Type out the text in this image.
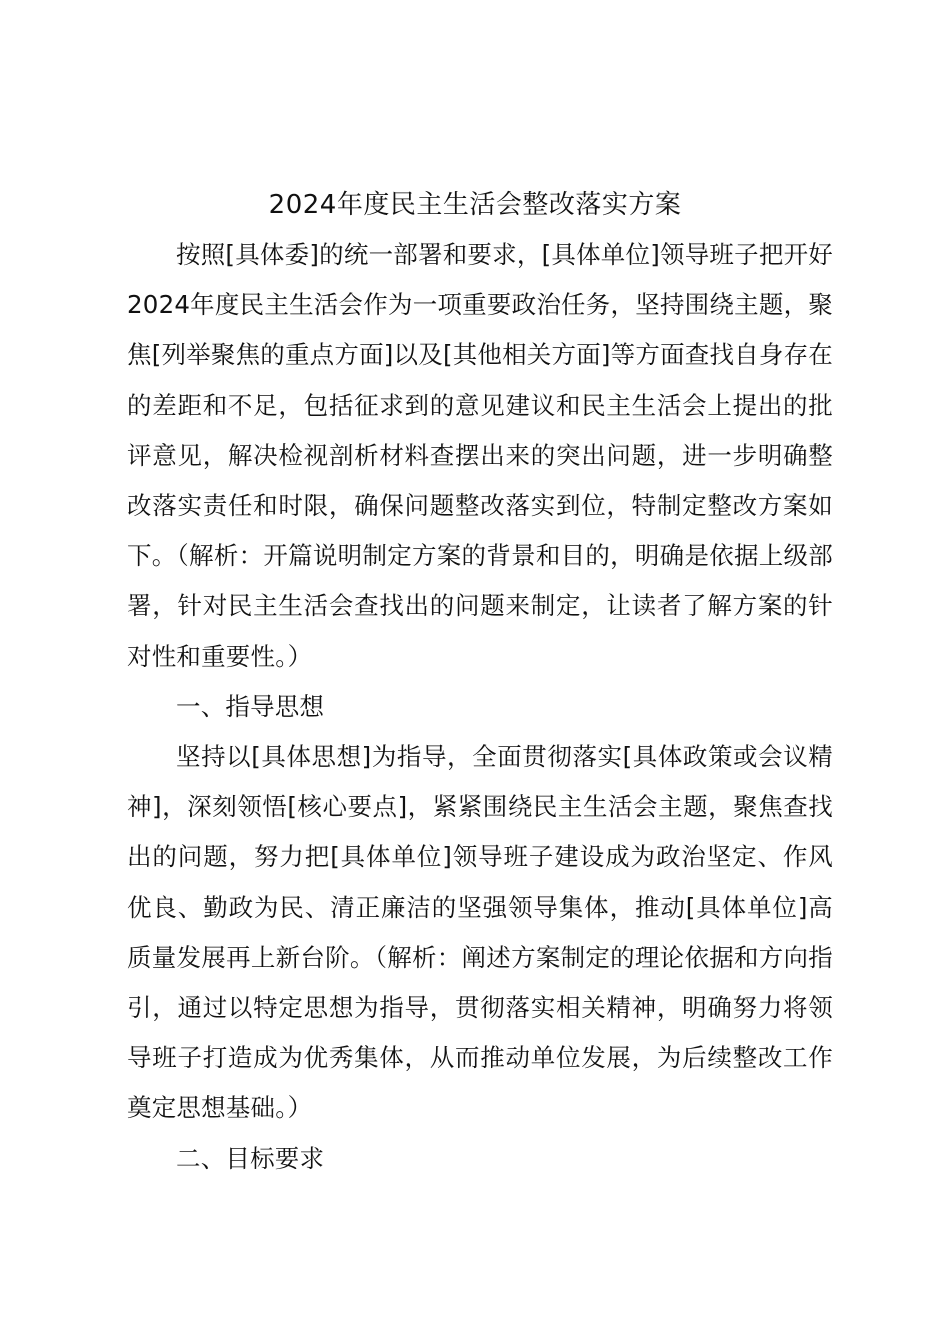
2024年度民主生活会整改落实方案

按照[具体委]的统一部署和要求，[具体单位]领导班子把开好2024年度民主生活会作为一项重要政治任务，坚持围绕主题，聚焦[列举聚焦的重点方面]以及[其他相关方面]等方面查找自身存在的差距和不足，包括征求到的意见建议和民主生活会上提出的批评意见，解决检视剖析材料查摆出来的突出问题，进一步明确整改落实责任和时限，确保问题整改落实到位，特制定整改方案如下。（解析：开篇说明制定方案的背景和目的，明确是依据上级部署，针对民主生活会查找出的问题来制定，让读者了解方案的针对性和重要性。）

一、指导思想

坚持以[具体思想]为指导，全面贯彻落实[具体政策或会议精神]，深刻领悟[核心要点]，紧紧围绕民主生活会主题，聚焦查找出的问题，努力把[具体单位]领导班子建设成为政治坚定、作风优良、勤政为民、清正廉洁的坚强领导集体，推动[具体单位]高质量发展再上新台阶。（解析：阐述方案制定的理论依据和方向指引，通过以特定思想为指导，贯彻落实相关精神，明确努力将领导班子打造成为优秀集体，从而推动单位发展，为后续整改工作奠定思想基础。）

二、目标要求
